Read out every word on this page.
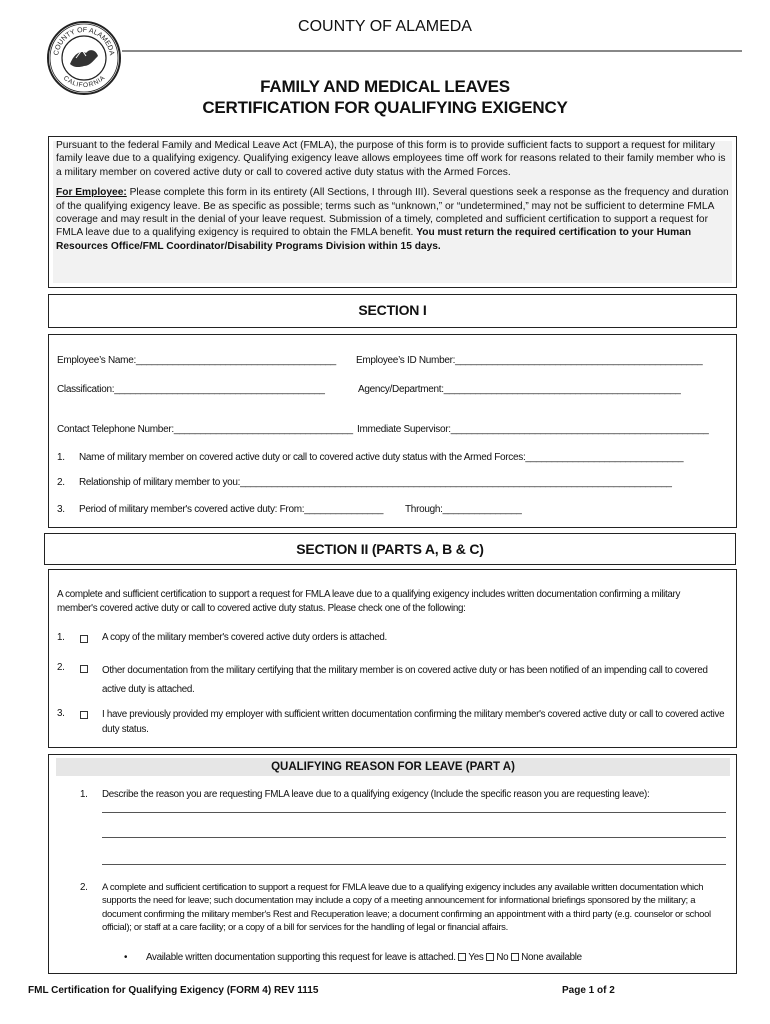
COUNTY OF ALAMEDA
CALIFORNIA
COUNTY OF ALAMEDA
FAMILY AND MEDICAL LEAVES
CERTIFICATION FOR QUALIFYING EXIGENCY

Pursuant to the federal Family and Medical Leave Act (FMLA), the purpose of this form is to provide sufficient facts to support a request for military family leave due to a qualifying exigency. Qualifying exigency leave allows employees time off work for reasons related to their family member who is a military member on covered active duty or call to covered active duty status with the Armed Forces.

For Employee: Please complete this form in its entirety (All Sections, I through III). Several questions seek a response as the frequency and duration of the qualifying exigency leave. Be as specific as possible; terms such as “unknown,” or “undetermined,” may not be sufficient to determine FMLA coverage and may result in the denial of your leave request. Submission of a timely, completed and sufficient certification to support a request for FMLA leave due to a qualifying exigency is required to obtain the FMLA benefit. You must return the required certification to your Human Resources Office/FML Coordinator/Disability Programs Division within 15 days.

SECTION I
Employee’s Name:______________________________________ Employee’s ID Number:_______________________________________________
Classification:________________________________________	Agency/Department:_____________________________________________
Contact Telephone Number:__________________________________ Immediate Supervisor:_________________________________________________
1. Name of military member on covered active duty or call to covered active duty status with the Armed Forces:______________________________
2. Relationship of military member to you:__________________________________________________________________________________
3. Period of military member's covered active duty: From:_______________ Through:_______________
SECTION II (PARTS A, B & C)
A complete and sufficient certification to support a request for FMLA leave due to a qualifying exigency includes written documentation confirming a military member's covered active duty or call to covered active duty status. Please check one of the following:
1.	A copy of the military member's covered active duty orders is attached.
2.	Other documentation from the military certifying that the military member is on covered active duty or has been notified of an impending call to covered active duty is attached.
3.	I have previously provided my employer with sufficient written documentation confirming the military member's covered active duty or call to covered active duty status.
QUALIFYING REASON FOR LEAVE (PART A)
1. Describe the reason you are requesting FMLA leave due to a qualifying exigency (Include the specific reason you are requesting leave):
2. A complete and sufficient certification to support a request for FMLA leave due to a qualifying exigency includes any available written documentation which supports the need for leave; such documentation may include a copy of a meeting announcement for informational briefings sponsored by the military; a document confirming the military member's Rest and Recuperation leave; a document confirming an appointment with a third party (e.g. counselor or school official); or staff at a care facility; or a copy of a bill for services for the handling of legal or financial affairs.
• Available written documentation supporting this request for leave is attached. Yes No None available
FML Certification for Qualifying Exigency (FORM 4) REV 1115	Page 1 of 2
